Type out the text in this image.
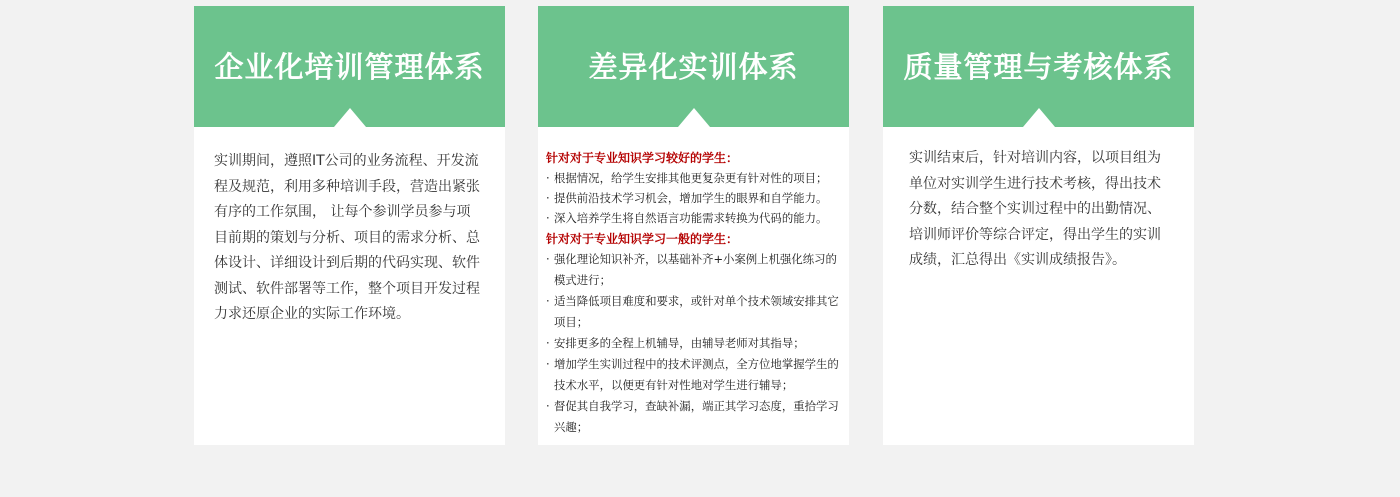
企业化培训管理体系

实训期间，遵照IT公司的业务流程、开发流程及规范，利用多种培训手段，营造出紧张有序的工作氛围， 让每个参训学员参与项目前期的策划与分析、项目的需求分析、总体设计、详细设计到后期的代码实现、软件测试、软件部署等工作，整个项目开发过程力求还原企业的实际工作环境。

差异化实训体系

针对对于专业知识学习较好的学生：

· 根据情况，给学生安排其他更复杂更有针对性的项目；
· 提供前沿技术学习机会，增加学生的眼界和自学能力。
· 深入培养学生将自然语言功能需求转换为代码的能力。

针对对于专业知识学习一般的学生：

· 强化理论知识补齐，以基础补齐+小案例上机强化练习的模式进行；
· 适当降低项目难度和要求，或针对单个技术领域安排其它项目；
· 安排更多的全程上机辅导，由辅导老师对其指导；
· 增加学生实训过程中的技术评测点，全方位地掌握学生的技术水平，以便更有针对性地对学生进行辅导；
· 督促其自我学习，查缺补漏，端正其学习态度，重拾学习兴趣；
质量管理与考核体系

实训结束后，针对培训内容，以项目组为单位对实训学生进行技术考核，得出技术分数，结合整个实训过程中的出勤情况、培训师评价等综合评定，得出学生的实训成绩，汇总得出《实训成绩报告》。
